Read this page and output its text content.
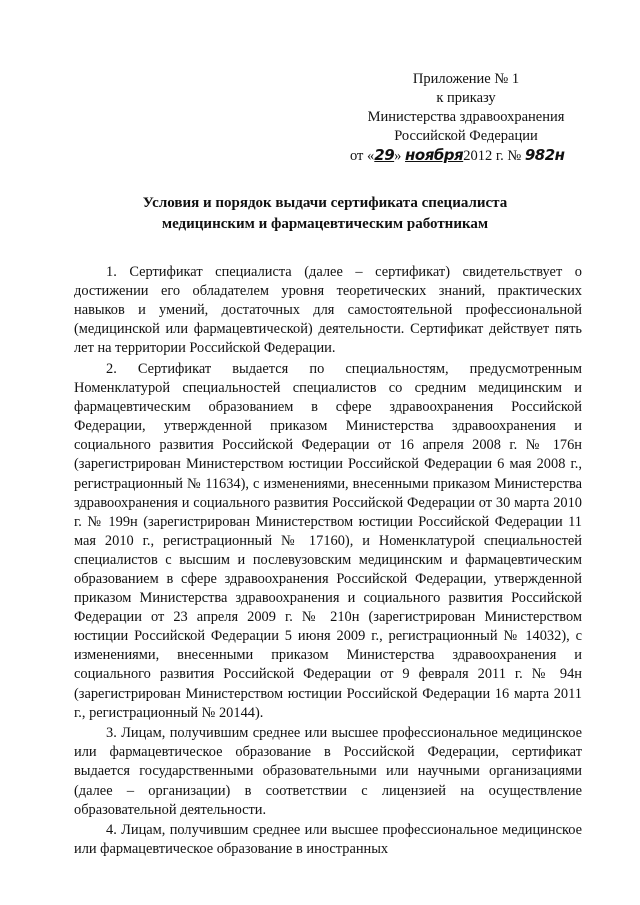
Приложение № 1
к приказу
Министерства здравоохранения
Российской Федерации
от «29» ноября2012 г. № 982н
Условия и порядок выдачи сертификата специалиста
медицинским и фармацевтическим работникам

1. Сертификат специалиста (далее – сертификат) свидетельствует о достижении его обладателем уровня теоретических знаний, практических навыков и умений, достаточных для самостоятельной профессиональной (медицинской или фармацевтической) деятельности. Сертификат действует пять лет на территории Российской Федерации.

2. Сертификат выдается по специальностям, предусмотренным Номенклатурой специальностей специалистов со средним медицинским и фармацевтическим образованием в сфере здравоохранения Российской Федерации, утвержденной приказом Министерства здравоохранения и социального развития Российской Федерации от 16 апреля 2008 г. № 176н (зарегистрирован Министерством юстиции Российской Федерации 6 мая 2008 г., регистрационный № 11634), с изменениями, внесенными приказом Министерства здравоохранения и социального развития Российской Федерации от 30 марта 2010 г. № 199н (зарегистрирован Министерством юстиции Российской Федерации 11 мая 2010 г., регистрационный № 17160), и Номенклатурой специальностей специалистов с высшим и послевузовским медицинским и фармацевтическим образованием в сфере здравоохранения Российской Федерации, утвержденной приказом Министерства здравоохранения и социального развития Российской Федерации от 23 апреля 2009 г. № 210н (зарегистрирован Министерством юстиции Российской Федерации 5 июня 2009 г., регистрационный № 14032), с изменениями, внесенными приказом Министерства здравоохранения и социального развития Российской Федерации от 9 февраля 2011 г. № 94н (зарегистрирован Министерством юстиции Российской Федерации 16 марта 2011 г., регистрационный № 20144).

3. Лицам, получившим среднее или высшее профессиональное медицинское или фармацевтическое образование в Российской Федерации, сертификат выдается государственными образовательными или научными организациями (далее – организации) в соответствии с лицензией на осуществление образовательной деятельности.

4. Лицам, получившим среднее или высшее профессиональное медицинское или фармацевтическое образование в иностранных
